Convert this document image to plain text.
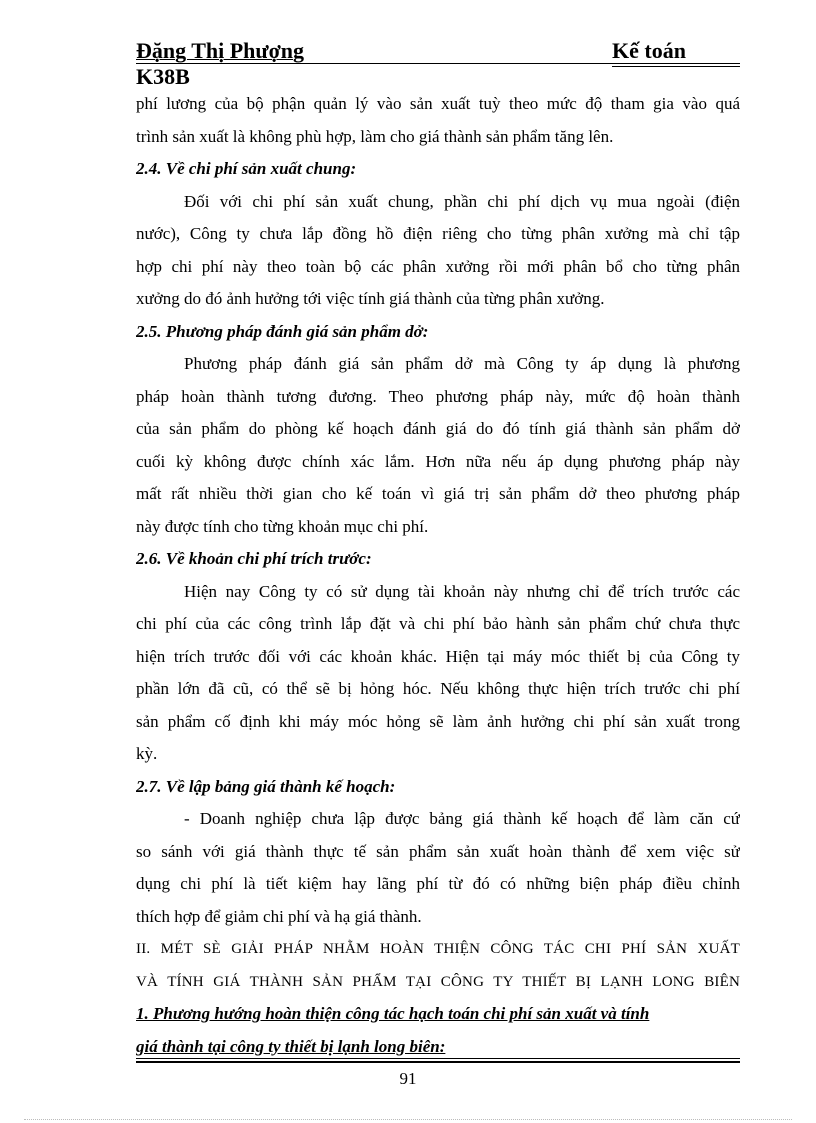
Đặng Thị Phượng	Kế toán
K38B
phí lương của bộ phận quản lý vào sản xuất tuỳ theo mức độ tham gia vào quá
trình sản xuất là không phù hợp, làm cho giá thành sản phẩm tăng lên.
2.4. Về chi phí sản xuất chung:
Đối với chi phí sản xuất chung, phần chi phí dịch vụ mua ngoài (điện
nước), Công ty chưa lắp đồng hồ điện riêng cho từng phân xưởng mà chỉ tập
hợp chi phí này theo toàn bộ các phân xưởng rồi mới phân bổ cho từng phân
xưởng do đó ảnh hưởng tới việc tính giá thành của từng phân xưởng.
2.5. Phương pháp đánh giá sản phẩm dở:
Phương pháp đánh giá sản phẩm dở mà Công ty áp dụng là phương
pháp hoàn thành tương đương. Theo phương pháp này, mức độ hoàn thành
của sản phẩm do phòng kế hoạch đánh giá do đó tính giá thành sản phẩm dở
cuối kỳ không được chính xác lắm. Hơn nữa nếu áp dụng phương pháp này
mất rất nhiều thời gian cho kế toán vì giá trị sản phẩm dở theo phương pháp
này được tính cho từng khoản mục chi phí.
2.6. Về khoản chi phí trích trước:
Hiện nay Công ty có sử dụng tài khoản này nhưng chỉ để trích trước các
chi phí của các công trình lắp đặt và chi phí bảo hành sản phẩm chứ chưa thực
hiện trích trước đối với các khoản khác. Hiện tại máy móc thiết bị của Công ty
phần lớn đã cũ, có thể sẽ bị hỏng hóc. Nếu không thực hiện trích trước chi phí
sản phẩm cố định khi máy móc hỏng sẽ làm ảnh hưởng chi phí sản xuất trong
kỳ.
2.7. Về lập bảng giá thành kế hoạch:
- Doanh nghiệp chưa lập được bảng giá thành kế hoạch để làm căn cứ
so sánh với giá thành thực tế sản phẩm sản xuất hoàn thành để xem việc sử
dụng chi phí là tiết kiệm hay lãng phí từ đó có những biện pháp điều chỉnh
thích hợp để giảm chi phí và hạ giá thành.
II. MÉT SÈ GIẢI PHÁP NHẰM HOÀN THIỆN CÔNG TÁC CHI PHÍ SẢN XUẤT
VÀ TÍNH GIÁ THÀNH SẢN PHẨM TẠI CÔNG TY THIẾT BỊ LẠNH LONG BIÊN
1. Phương hướng hoàn thiện công tác hạch toán chi phí sản xuất và tính
giá thành tại công ty thiết bị lạnh long biên:
91
